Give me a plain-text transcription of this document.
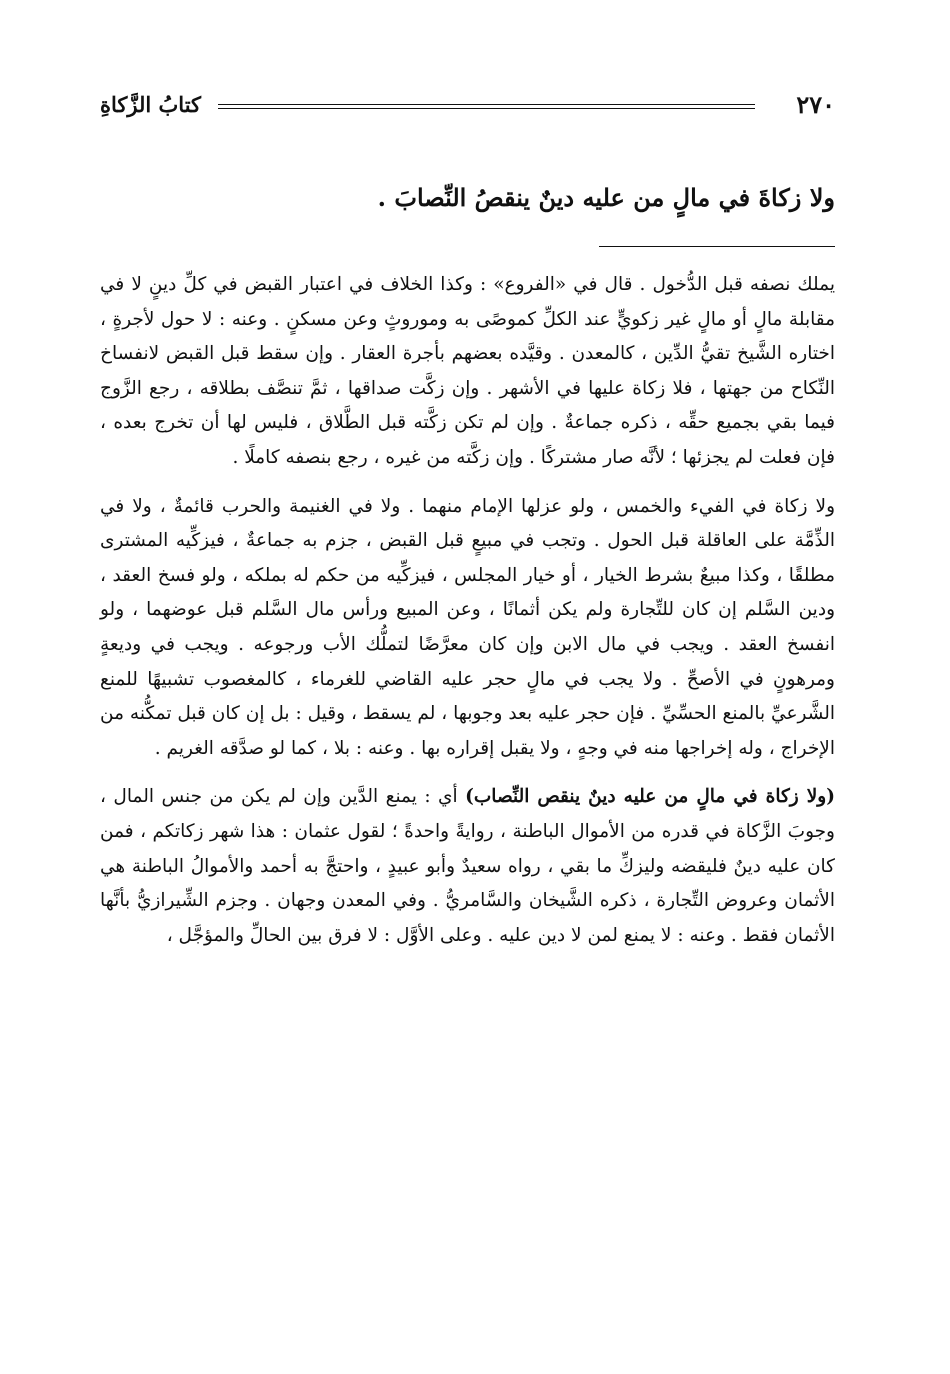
٢٧٠
كتابُ الزَّكاةِ
ولا زكاةَ في مالٍ من عليه دينٌ ينقصُ النِّصابَ .

يملك نصفه قبل الدُّخول . قال في «الفروع» : وكذا الخلاف في اعتبار القبض في كلِّ دينٍ لا في مقابلة مالٍ أو مالٍ غير زكويٍّ عند الكلِّ كموصًى به وموروثٍ وعن مسكنٍ . وعنه : لا حول لأجرةٍ ، اختاره الشَّيخ تقيُّ الدِّين ، كالمعدن . وقيَّده بعضهم بأجرة العقار . وإن سقط قبل القبض لانفساخ النِّكاح من جهتها ، فلا زكاة عليها في الأشهر . وإن زكَّت صداقها ، ثمَّ تنصَّف بطلاقه ، رجع الزَّوج فيما بقي بجميع حقِّه ، ذكره جماعةٌ . وإن لم تكن زكَّته قبل الطَّلاق ، فليس لها أن تخرج بعده ، فإن فعلت لم يجزئها ؛ لأنَّه صار مشتركًا . وإن زكَّته من غيره ، رجع بنصفه كاملًا .

ولا زكاة في الفيء والخمس ، ولو عزلها الإمام منهما . ولا في الغنيمة والحرب قائمةٌ ، ولا في الذِّمَّة على العاقلة قبل الحول . وتجب في مبيعٍ قبل القبض ، جزم به جماعةٌ ، فيزكِّيه المشترى مطلقًا ، وكذا مبيعٌ بشرط الخيار ، أو خيار المجلس ، فيزكِّيه من حكم له بملكه ، ولو فسخ العقد ، ودين السَّلم إن كان للتِّجارة ولم يكن أثمانًا ، وعن المبيع ورأس مال السَّلم قبل عوضهما ، ولو انفسخ العقد . ويجب في مال الابن وإن كان معرَّضًا لتملُّك الأب ورجوعه . ويجب في وديعةٍ ومرهونٍ في الأصحِّ . ولا يجب في مالٍ حجر عليه القاضي للغرماء ، كالمغصوب تشبيهًا للمنع الشَّرعيِّ بالمنع الحسِّيِّ . فإن حجر عليه بعد وجوبها ، لم يسقط ، وقيل : بل إن كان قبل تمكُّنه من الإخراج ، وله إخراجها منه في وجهٍ ، ولا يقبل إقراره بها . وعنه : بلا ، كما لو صدَّقه الغريم .

(ولا زكاة في مالٍ من عليه دينٌ ينقص النِّصاب) أي : يمنع الدَّين وإن لم يكن من جنس المال ، وجوبَ الزَّكاة في قدره من الأموال الباطنة ، روايةً واحدةً ؛ لقول عثمان : هذا شهر زكاتكم ، فمن كان عليه دينٌ فليقضه وليزكِّ ما بقي ، رواه سعيدٌ وأبو عبيدٍ ، واحتجَّ به أحمد والأموالُ الباطنة هي الأثمان وعروض التِّجارة ، ذكره الشَّيخان والسَّامريُّ . وفي المعدن وجهان . وجزم الشِّيرازيُّ بأنَّها الأثمان فقط . وعنه : لا يمنع لمن لا دين عليه . وعلى الأوَّل : لا فرق بين الحالِّ والمؤجَّل ،
